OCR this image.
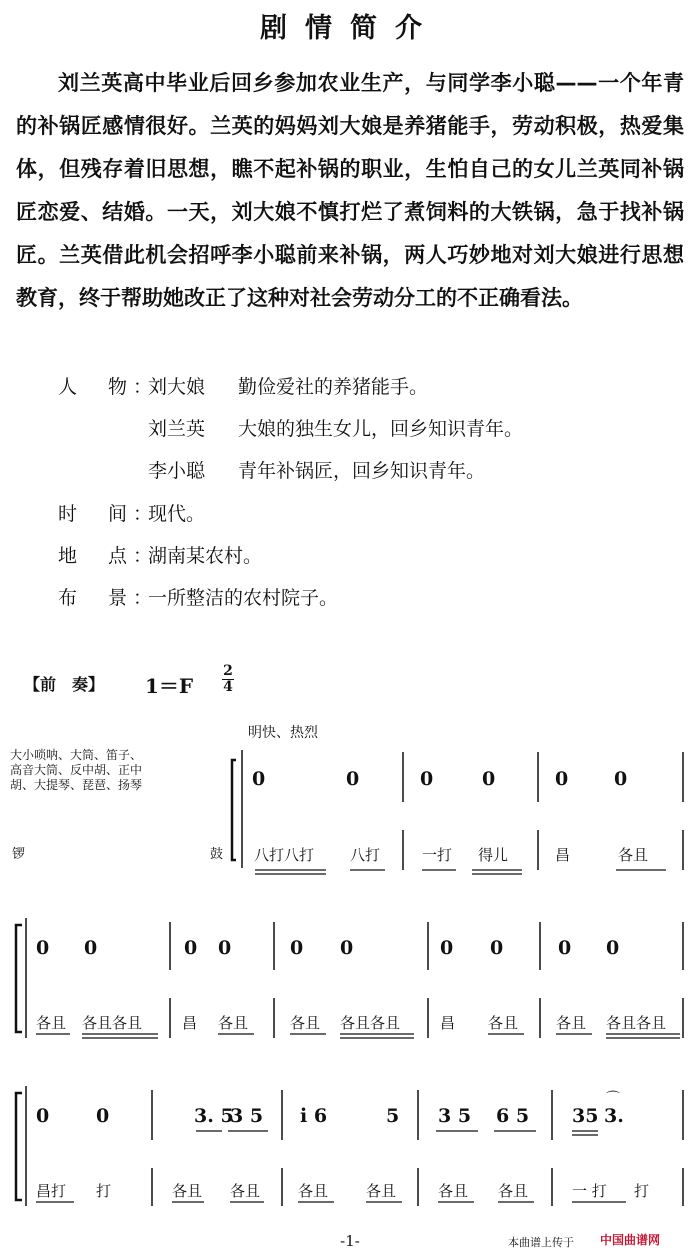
剧情简介

刘兰英高中毕业后回乡参加农业生产，与同学李小聪——一个年青的补锅匠感情很好。兰英的妈妈刘大娘是养猪能手，劳动积极，热爱集体，但残存着旧思想，瞧不起补锅的职业，生怕自己的女儿兰英同补锅匠恋爱、结婚。一天，刘大娘不慎打烂了煮饲料的大铁锅，急于找补锅匠。兰英借此机会招呼李小聪前来补锅，两人巧妙地对刘大娘进行思想教育，终于帮助她改正了这种对社会劳动分工的不正确看法。

人　物：刘大娘 勤俭爱社的养猪能手。
刘兰英 大娘的独生女儿，回乡知识青年。
李小聪 青年补锅匠，回乡知识青年。
时　间：现代。
地　点：湖南某农村。
布　景：一所整洁的农村院子。
【前　奏】 1＝F
2
4
明快、热烈
大小唢呐、大筒、笛子、
高音大筒、反中胡、正中
胡、大提琴、琵琶、扬琴
锣	鼓
0	0	0	0	0 0
八打八打 八打	一打 得儿	昌	各且
0 0	0 0	0 0	0 0	0 0
各且 各且各且	昌 各且	各且 各且各且	昌 各且	各且 各且各且
0 0	3. 5
3 5 i 6	5 3 5 6 5 35 3.
⌒
昌打 打	各且 各且	各且	各且	各且 各且	一 打 打
-1-	本曲谱上传于 中国曲谱网
